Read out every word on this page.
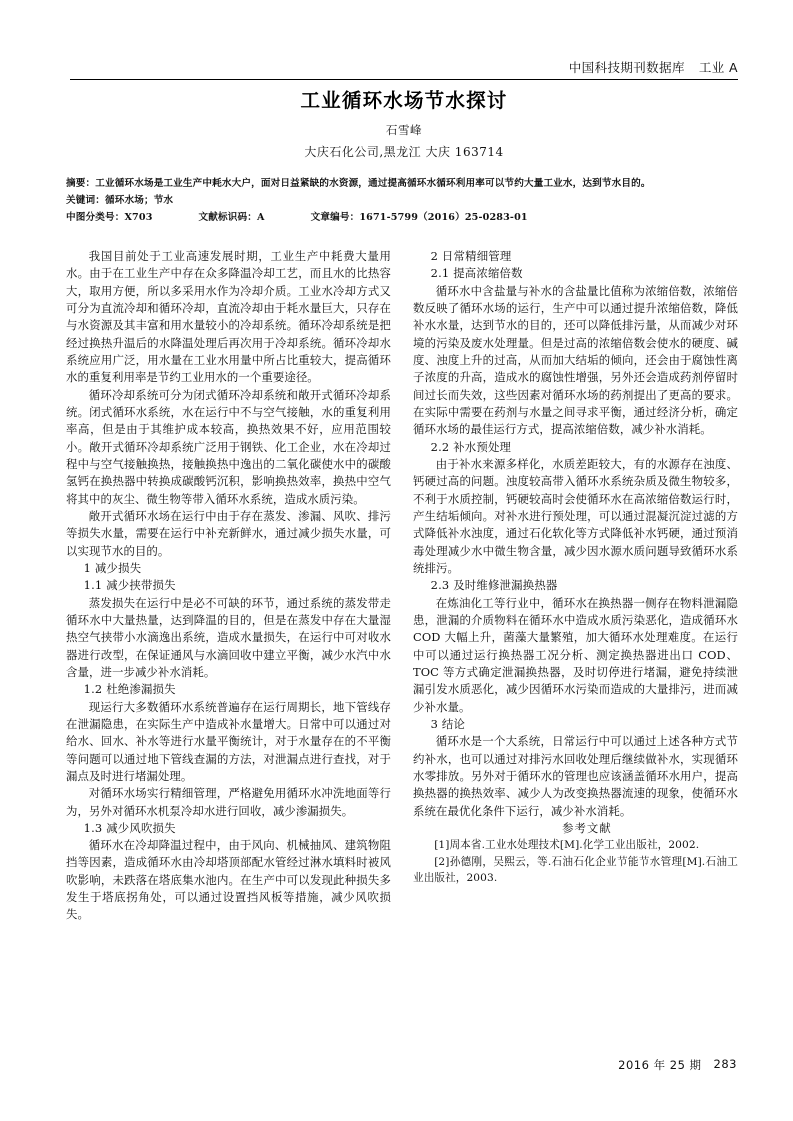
中国科技期刊数据库 工业 A
工业循环水场节水探讨
石雪峰
大庆石化公司,黑龙江 大庆 163714
摘要：工业循环水场是工业生产中耗水大户，面对日益紧缺的水资源，通过提高循环水循环利用率可以节约大量工业水，达到节水目的。
关键词：循环水场；节水
中图分类号：X703	文献标识码：A	文章编号：1671-5799（2016）25-0283-01

我国目前处于工业高速发展时期，工业生产中耗费大量用水。由于在工业生产中存在众多降温冷却工艺，而且水的比热容大，取用方便，所以多采用水作为冷却介质。工业水冷却方式又可分为直流冷却和循环冷却，直流冷却由于耗水量巨大，只存在与水资源及其丰富和用水量较小的冷却系统。循环冷却系统是把经过换热升温后的水降温处理后再次用于冷却系统。循环冷却水系统应用广泛，用水量在工业水用量中所占比重较大，提高循环水的重复利用率是节约工业用水的一个重要途径。

循环冷却系统可分为闭式循环冷却系统和敞开式循环冷却系统。闭式循环水系统，水在运行中不与空气接触，水的重复利用率高，但是由于其维护成本较高，换热效果不好，应用范围较小。敞开式循环冷却系统广泛用于钢铁、化工企业，水在冷却过程中与空气接触换热，接触换热中逸出的二氧化碳使水中的碳酸氢钙在换热器中转换成碳酸钙沉积，影响换热效率，换热中空气将其中的灰尘、微生物等带入循环水系统，造成水质污染。

敞开式循环水场在运行中由于存在蒸发、渗漏、风吹、排污等损失水量，需要在运行中补充新鲜水，通过减少损失水量，可以实现节水的目的。

1 减少损失

1.1 减少挟带损失

蒸发损失在运行中是必不可缺的环节，通过系统的蒸发带走循环水中大量热量，达到降温的目的，但是在蒸发中存在大量湿热空气挟带小水滴逸出系统，造成水量损失，在运行中可对收水器进行改型，在保证通风与水滴回收中建立平衡，减少水汽中水含量，进一步减少补水消耗。

1.2 杜绝渗漏损失

现运行大多数循环水系统普遍存在运行周期长，地下管线存在泄漏隐患，在实际生产中造成补水量增大。日常中可以通过对给水、回水、补水等进行水量平衡统计，对于水量存在的不平衡等问题可以通过地下管线查漏的方法，对泄漏点进行查找，对于漏点及时进行堵漏处理。

对循环水场实行精细管理，严格避免用循环水冲洗地面等行为，另外对循环水机泵冷却水进行回收，减少渗漏损失。

1.3 减少风吹损失

循环水在冷却降温过程中，由于风向、机械抽风、建筑物阻挡等因素，造成循环水由冷却塔顶部配水管经过淋水填料时被风吹影响，未跌落在塔底集水池内。在生产中可以发现此种损失多发生于塔底拐角处，可以通过设置挡风板等措施，减少风吹损失。

2 日常精细管理

2.1 提高浓缩倍数

循环水中含盐量与补水的含盐量比值称为浓缩倍数，浓缩倍数反映了循环水场的运行，生产中可以通过提升浓缩倍数，降低补水水量，达到节水的目的，还可以降低排污量，从而减少对环境的污染及废水处理量。但是过高的浓缩倍数会使水的硬度、碱度、浊度上升的过高，从而加大结垢的倾向，还会由于腐蚀性离子浓度的升高，造成水的腐蚀性增强，另外还会造成药剂停留时间过长而失效，这些因素对循环水场的药剂提出了更高的要求。在实际中需要在药剂与水量之间寻求平衡，通过经济分析，确定循环水场的最佳运行方式，提高浓缩倍数，减少补水消耗。

2.2 补水预处理

由于补水来源多样化，水质差距较大，有的水源存在浊度、钙硬过高的问题。浊度较高带入循环水系统杂质及微生物较多，不利于水质控制，钙硬较高时会使循环水在高浓缩倍数运行时，产生结垢倾向。对补水进行预处理，可以通过混凝沉淀过滤的方式降低补水浊度，通过石化软化等方式降低补水钙硬，通过预消毒处理减少水中微生物含量，减少因水源水质问题导致循环水系统排污。

2.3 及时维修泄漏换热器

在炼油化工等行业中，循环水在换热器一侧存在物料泄漏隐患，泄漏的介质物料在循环水中造成水质污染恶化，造成循环水 COD 大幅上升，菌藻大量繁殖，加大循环水处理难度。在运行中可以通过运行换热器工况分析、测定换热器进出口 COD、TOC 等方式确定泄漏换热器，及时切停进行堵漏，避免持续泄漏引发水质恶化，减少因循环水污染而造成的大量排污，进而减少补水量。

3 结论

循环水是一个大系统，日常运行中可以通过上述各种方式节约补水，也可以通过对排污水回收处理后继续做补水，实现循环水零排放。另外对于循环水的管理也应该涵盖循环水用户，提高换热器的换热效率、减少人为改变换热器流速的现象，使循环水系统在最优化条件下运行，减少补水消耗。

参考文献

[1]周本省.工业水处理技术[M].化学工业出版社，2002.

[2]孙德刚，吴熙云，等.石油石化企业节能节水管理[M].石油工业出版社，2003.

2016 年 25 期 283
